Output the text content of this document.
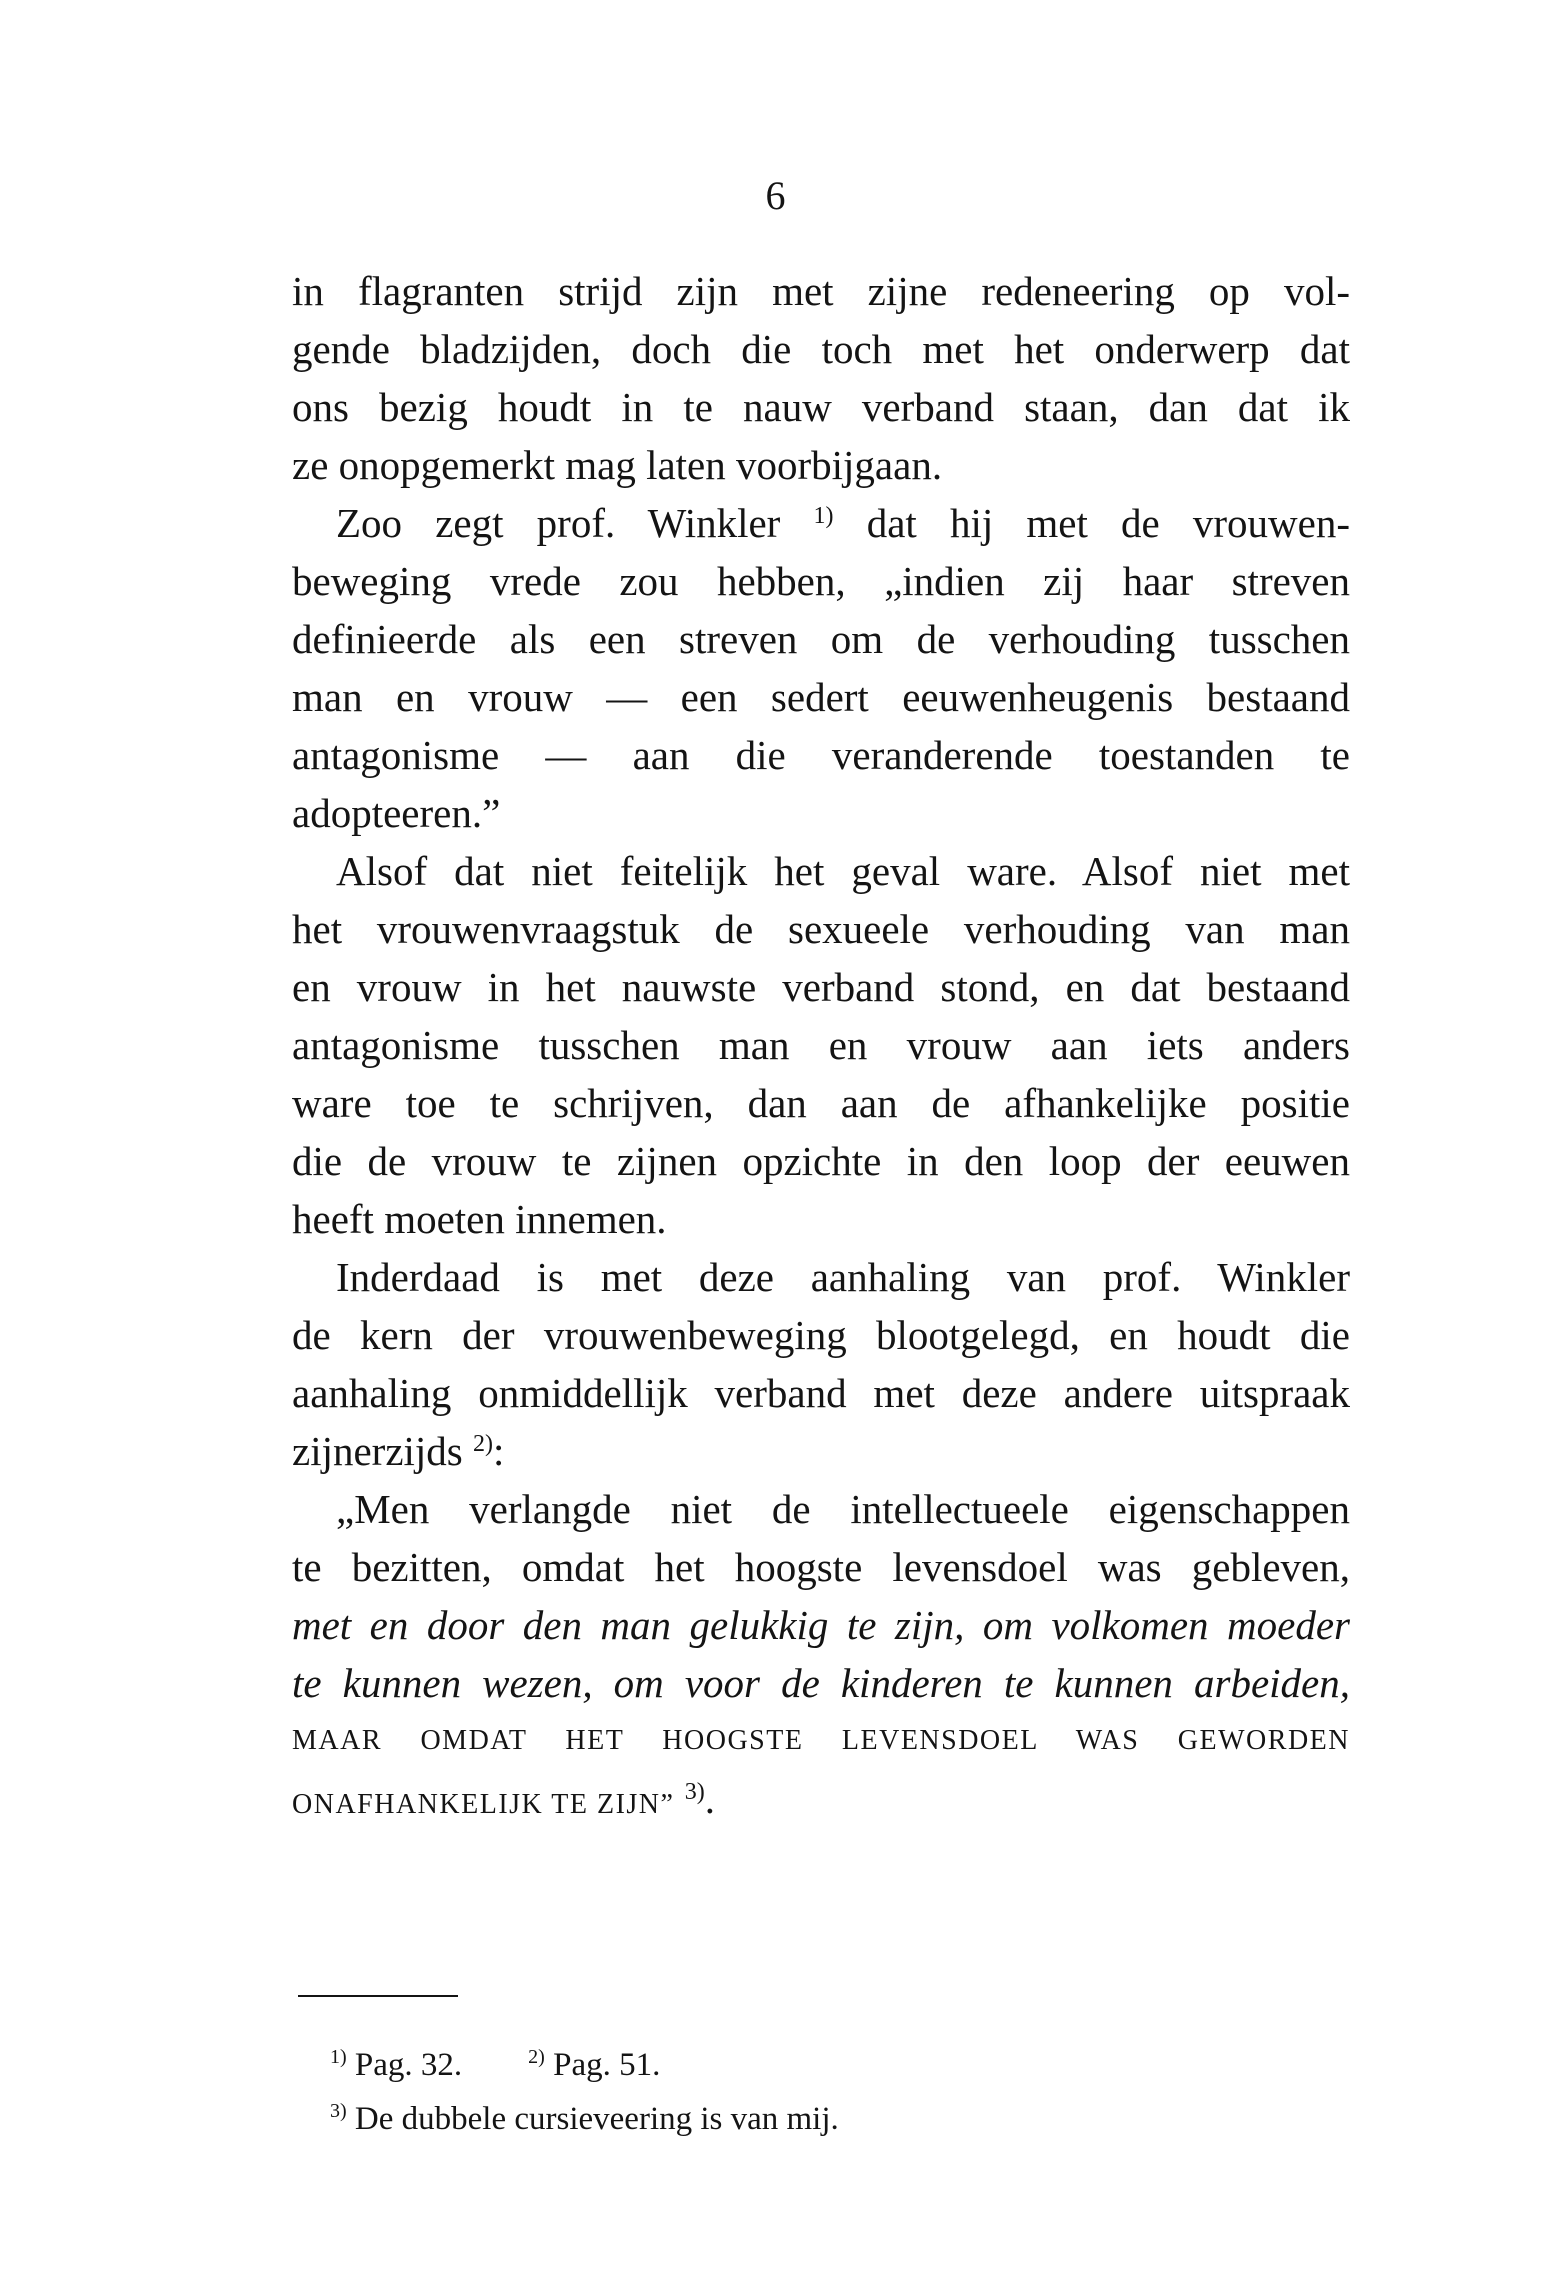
6
in flagranten strijd zijn met zijne redeneering op vol-
gende bladzijden, doch die toch met het onderwerp dat
ons bezig houdt in te nauw verband staan, dan dat ik
ze onopgemerkt mag laten voorbijgaan.
Zoo zegt prof. Winkler $^{1)}$ dat hij met de vrouwen-
beweging vrede zou hebben, „indien zij haar streven
definieerde als een streven om de verhouding tusschen
man en vrouw — een sedert eeuwenheugenis bestaand
antagonisme — aan die veranderende toestanden te
adopteeren.”
Alsof dat niet feitelijk het geval ware. Alsof niet met
het vrouwenvraagstuk de sexueele verhouding van man
en vrouw in het nauwste verband stond, en dat bestaand
antagonisme tusschen man en vrouw aan iets anders
ware toe te schrijven, dan aan de afhankelijke positie
die de vrouw te zijnen opzichte in den loop der eeuwen
heeft moeten innemen.
Inderdaad is met deze aanhaling van prof. Winkler
de kern der vrouwenbeweging blootgelegd, en houdt die
aanhaling onmiddellijk verband met deze andere uitspraak
zijnerzijds $^{2)}$:
„Men verlangde niet de intellectueele eigenschappen
te bezitten, omdat het hoogste levensdoel was gebleven,
met en door den man gelukkig te zijn, om volkomen moeder
te kunnen wezen, om voor de kinderen te kunnen arbeiden,
MAAR OMDAT HET HOOGSTE LEVENSDOEL WAS GEWORDEN
ONAFHANKELIJK TE ZIJN” $^{3)}$.
$^{1)}$ Pag. 32.	$^{2)}$ Pag. 51.
$^{3)}$ De dubbele cursieveering is van mij.
